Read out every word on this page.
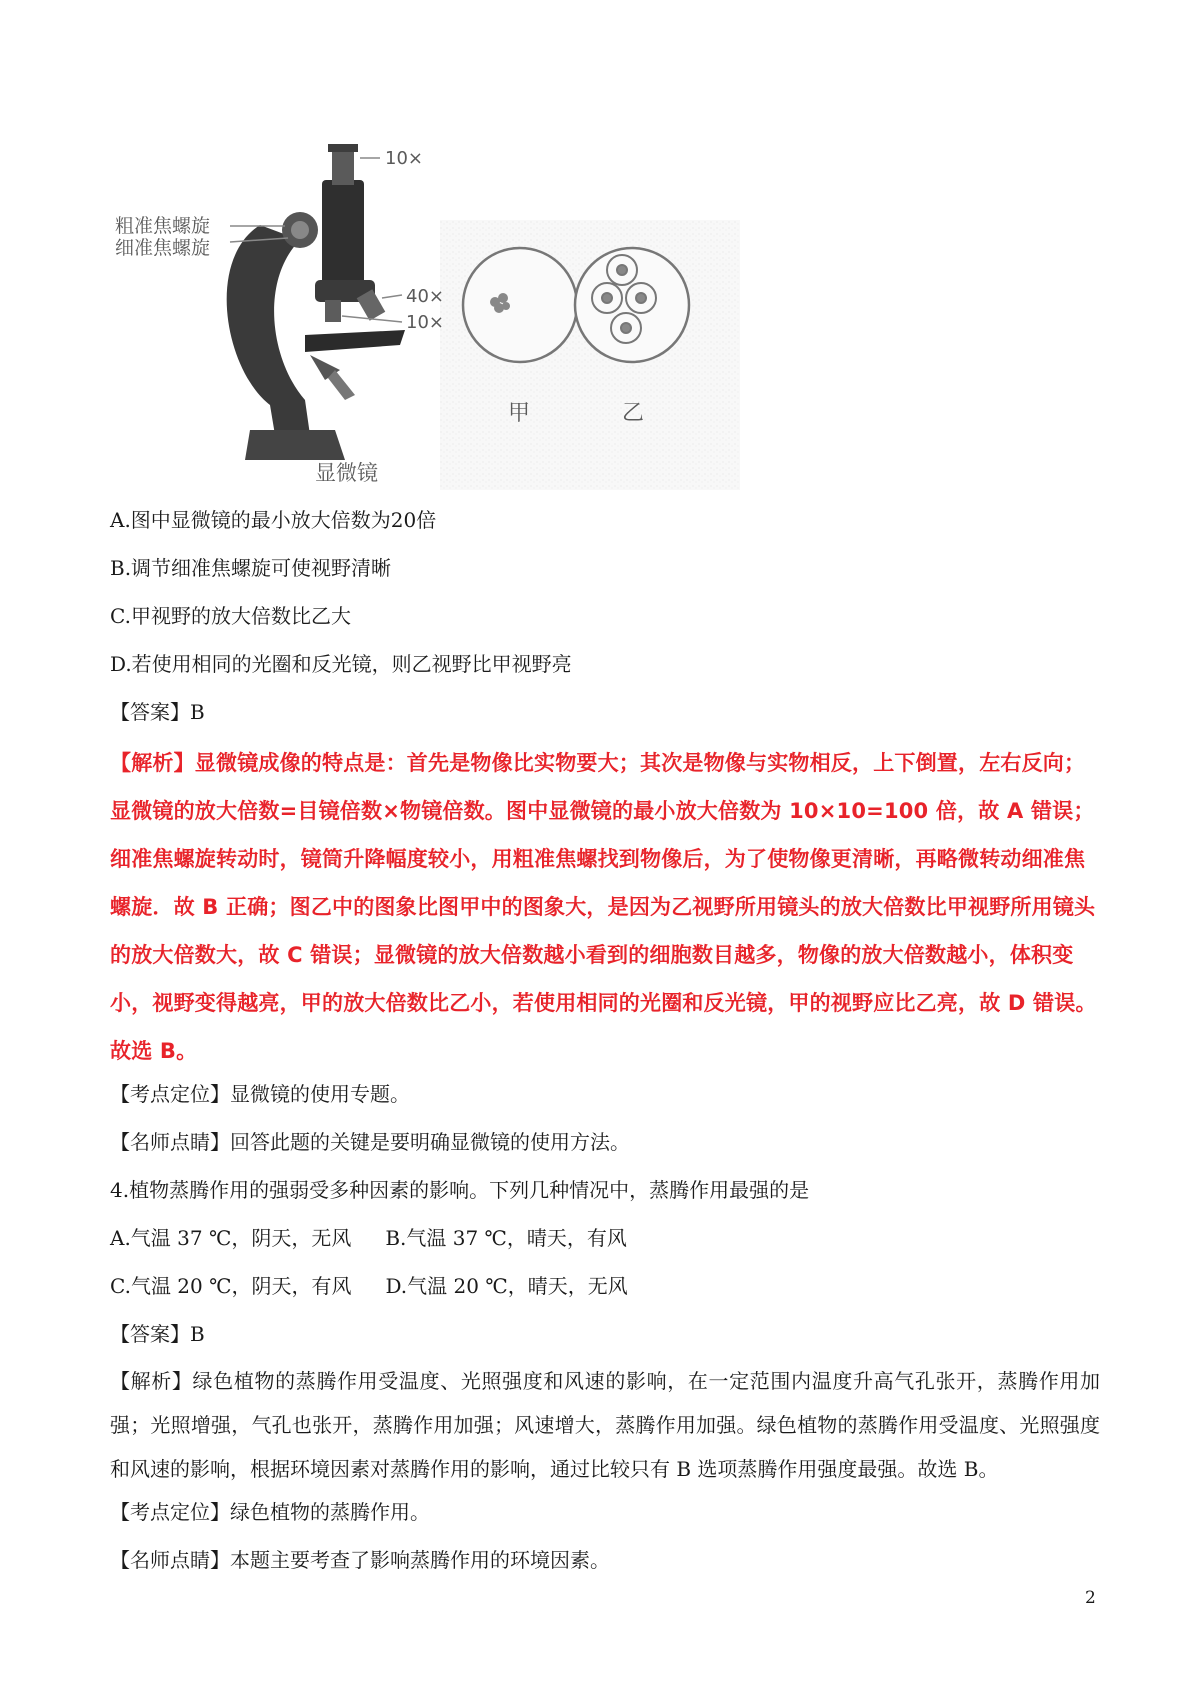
10×
粗准焦螺旋
细准焦螺旋
40×
10×
显微镜
甲	乙
A.图中显微镜的最小放大倍数为20倍
B.调节细准焦螺旋可使视野清晰
C.甲视野的放大倍数比乙大
D.若使用相同的光圈和反光镜，则乙视野比甲视野亮
【答案】B
【解析】显微镜成像的特点是：首先是物像比实物要大；其次是物像与实物相反，上下倒置，左右反向；显微镜的放大倍数=目镜倍数×物镜倍数。图中显微镜的最小放大倍数为 10×10=100 倍，故 A 错误；细准焦螺旋转动时，镜筒升降幅度较小，用粗准焦螺找到物像后，为了使物像更清晰，再略微转动细准焦螺旋．故 B 正确；图乙中的图象比图甲中的图象大，是因为乙视野所用镜头的放大倍数比甲视野所用镜头的放大倍数大，故 C 错误；显微镜的放大倍数越小看到的细胞数目越多，物像的放大倍数越小，体积变小，视野变得越亮，甲的放大倍数比乙小，若使用相同的光圈和反光镜，甲的视野应比乙亮，故 D 错误。故选 B。
【考点定位】显微镜的使用专题。
【名师点睛】回答此题的关键是要明确显微镜的使用方法。
4.植物蒸腾作用的强弱受多种因素的影响。下列几种情况中，蒸腾作用最强的是
A.气温 37 ℃，阴天，无风 B.气温 37 ℃，晴天，有风
C.气温 20 ℃，阴天，有风 D.气温 20 ℃，晴天，无风
【答案】B
【解析】绿色植物的蒸腾作用受温度、光照强度和风速的影响，在一定范围内温度升高气孔张开，蒸腾作用加强；光照增强，气孔也张开，蒸腾作用加强；风速增大，蒸腾作用加强。绿色植物的蒸腾作用受温度、光照强度和风速的影响，根据环境因素对蒸腾作用的影响，通过比较只有 B 选项蒸腾作用强度最强。故选 B。
【考点定位】绿色植物的蒸腾作用。
【名师点睛】本题主要考查了影响蒸腾作用的环境因素。
2
